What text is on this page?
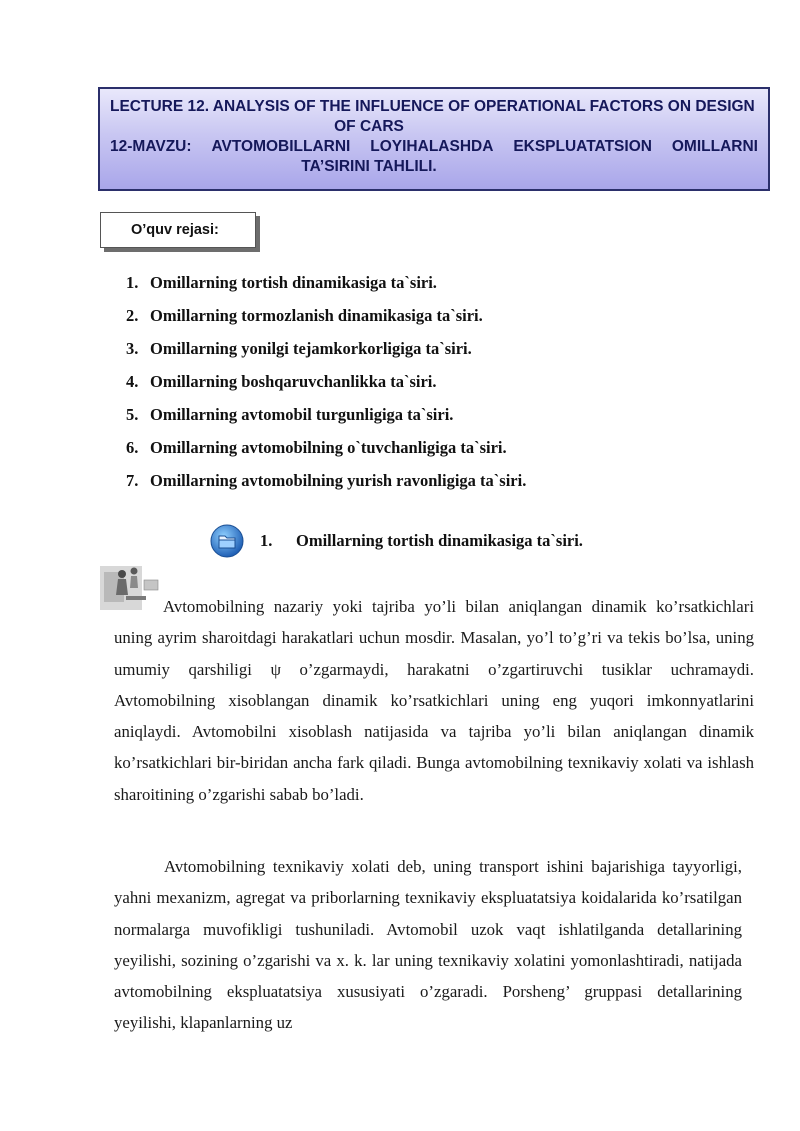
LECTURE 12. ANALYSIS OF THE INFLUENCE OF OPERATIONAL FACTORS ON DESIGN
OF CARS
12-MAVZU: AVTOMOBILLARNI LOYIHALASHDA EKSPLUATATSION OMILLARNI
TA’SIRINI TAHLILI.
O’quv rejasi:
1. Omillarning tortish dinamikasiga ta`siri.
2. Omillarning tormozlanish dinamikasiga ta`siri.
3. Omillarning yonilgi tejamkorkorligiga ta`siri.
4. Omillarning boshqaruvchanlikka ta`siri.
5. Omillarning avtomobil turgunligiga ta`siri.
6. Omillarning avtomobilning o`tuvchanligiga ta`siri.
7. Omillarning avtomobilning yurish ravonligiga ta`siri.
1.	Omillarning tortish dinamikasiga ta`siri.

Avtomobilning nazariy yoki tajriba yo’li bilan aniqlangan dinamik ko’rsatkichlari uning ayrim sharoitdagi harakatlari uchun mosdir. Masalan, yo’l to’g’ri va tekis bo’lsa, uning umumiy qarshiligi ψ o’zgarmaydi, harakatni o’zgartiruvchi tusiklar uchramaydi. Avtomobilning xisoblangan dinamik ko’rsatkichlari uning eng yuqori imkonnyatlarini aniqlaydi. Avtomobilni xisoblash natijasida va tajriba yo’li bilan aniqlangan dinamik ko’rsatkichlari bir-biridan ancha fark qiladi. Bunga avtomobilning texnikaviy xolati va ishlash sharoitining o’zgarishi sabab bo’ladi.

Avtomobilning texnikaviy xolati deb, uning transport ishini bajarishiga tayyorligi, yahni mexanizm, agregat va priborlarning texnikaviy ekspluatatsiya koidalarida ko’rsatilgan normalarga muvofikligi tushuniladi. Avtomobil uzok vaqt ishlatilganda detallarining yeyilishi, sozining o’zgarishi va x. k. lar uning texnikaviy xolatini yomonlashtiradi, natijada avtomobilning ekspluatatsiya xususiyati o’zgaradi. Porsheng’ gruppasi detallarining yeyilishi, klapanlarning uz
